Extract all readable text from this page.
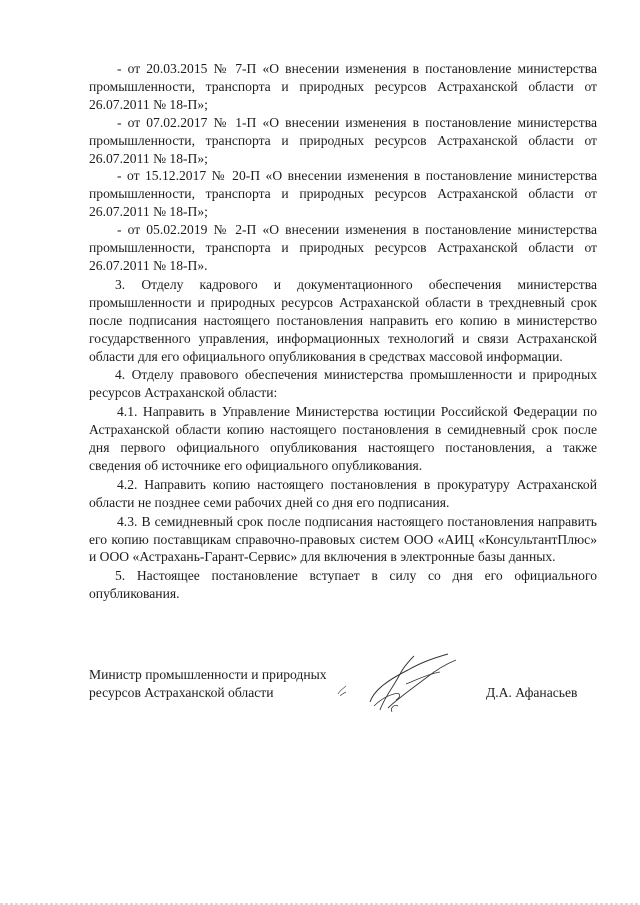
- от 20.03.2015 № 7-П «О внесении изменения в постановление министерства промышленности, транспорта и природных ресурсов Астраханской области от 26.07.2011 № 18-П»;

- от 07.02.2017 № 1-П «О внесении изменения в постановление министерства промышленности, транспорта и природных ресурсов Астраханской области от 26.07.2011 № 18-П»;

- от 15.12.2017 № 20-П «О внесении изменения в постановление министерства промышленности, транспорта и природных ресурсов Астраханской области от 26.07.2011 № 18-П»;

- от 05.02.2019 № 2-П «О внесении изменения в постановление министерства промышленности, транспорта и природных ресурсов Астраханской области от 26.07.2011 № 18-П».

3. Отделу кадрового и документационного обеспечения министерства промышленности и природных ресурсов Астраханской области в трехдневный срок после подписания настоящего постановления направить его копию в министерство государственного управления, информационных технологий и связи Астраханской области для его официального опубликования в средствах массовой информации.

4. Отделу правового обеспечения министерства промышленности и природных ресурсов Астраханской области:

4.1. Направить в Управление Министерства юстиции Российской Федерации по Астраханской области копию настоящего постановления в семидневный срок после дня первого официального опубликования настоящего постановления, а также сведения об источнике его официального опубликования.

4.2. Направить копию настоящего постановления в прокуратуру Астраханской области не позднее семи рабочих дней со дня его подписания.

4.3. В семидневный срок после подписания настоящего постановления направить его копию поставщикам справочно-правовых систем ООО «АИЦ «КонсультантПлюс» и ООО «Астрахань-Гарант-Сервис» для включения в электронные базы данных.

5. Настоящее постановление вступает в силу со дня его официального опубликования.

Министр промышленности и природных
ресурсов Астраханской области	Д.А. Афанасьев
